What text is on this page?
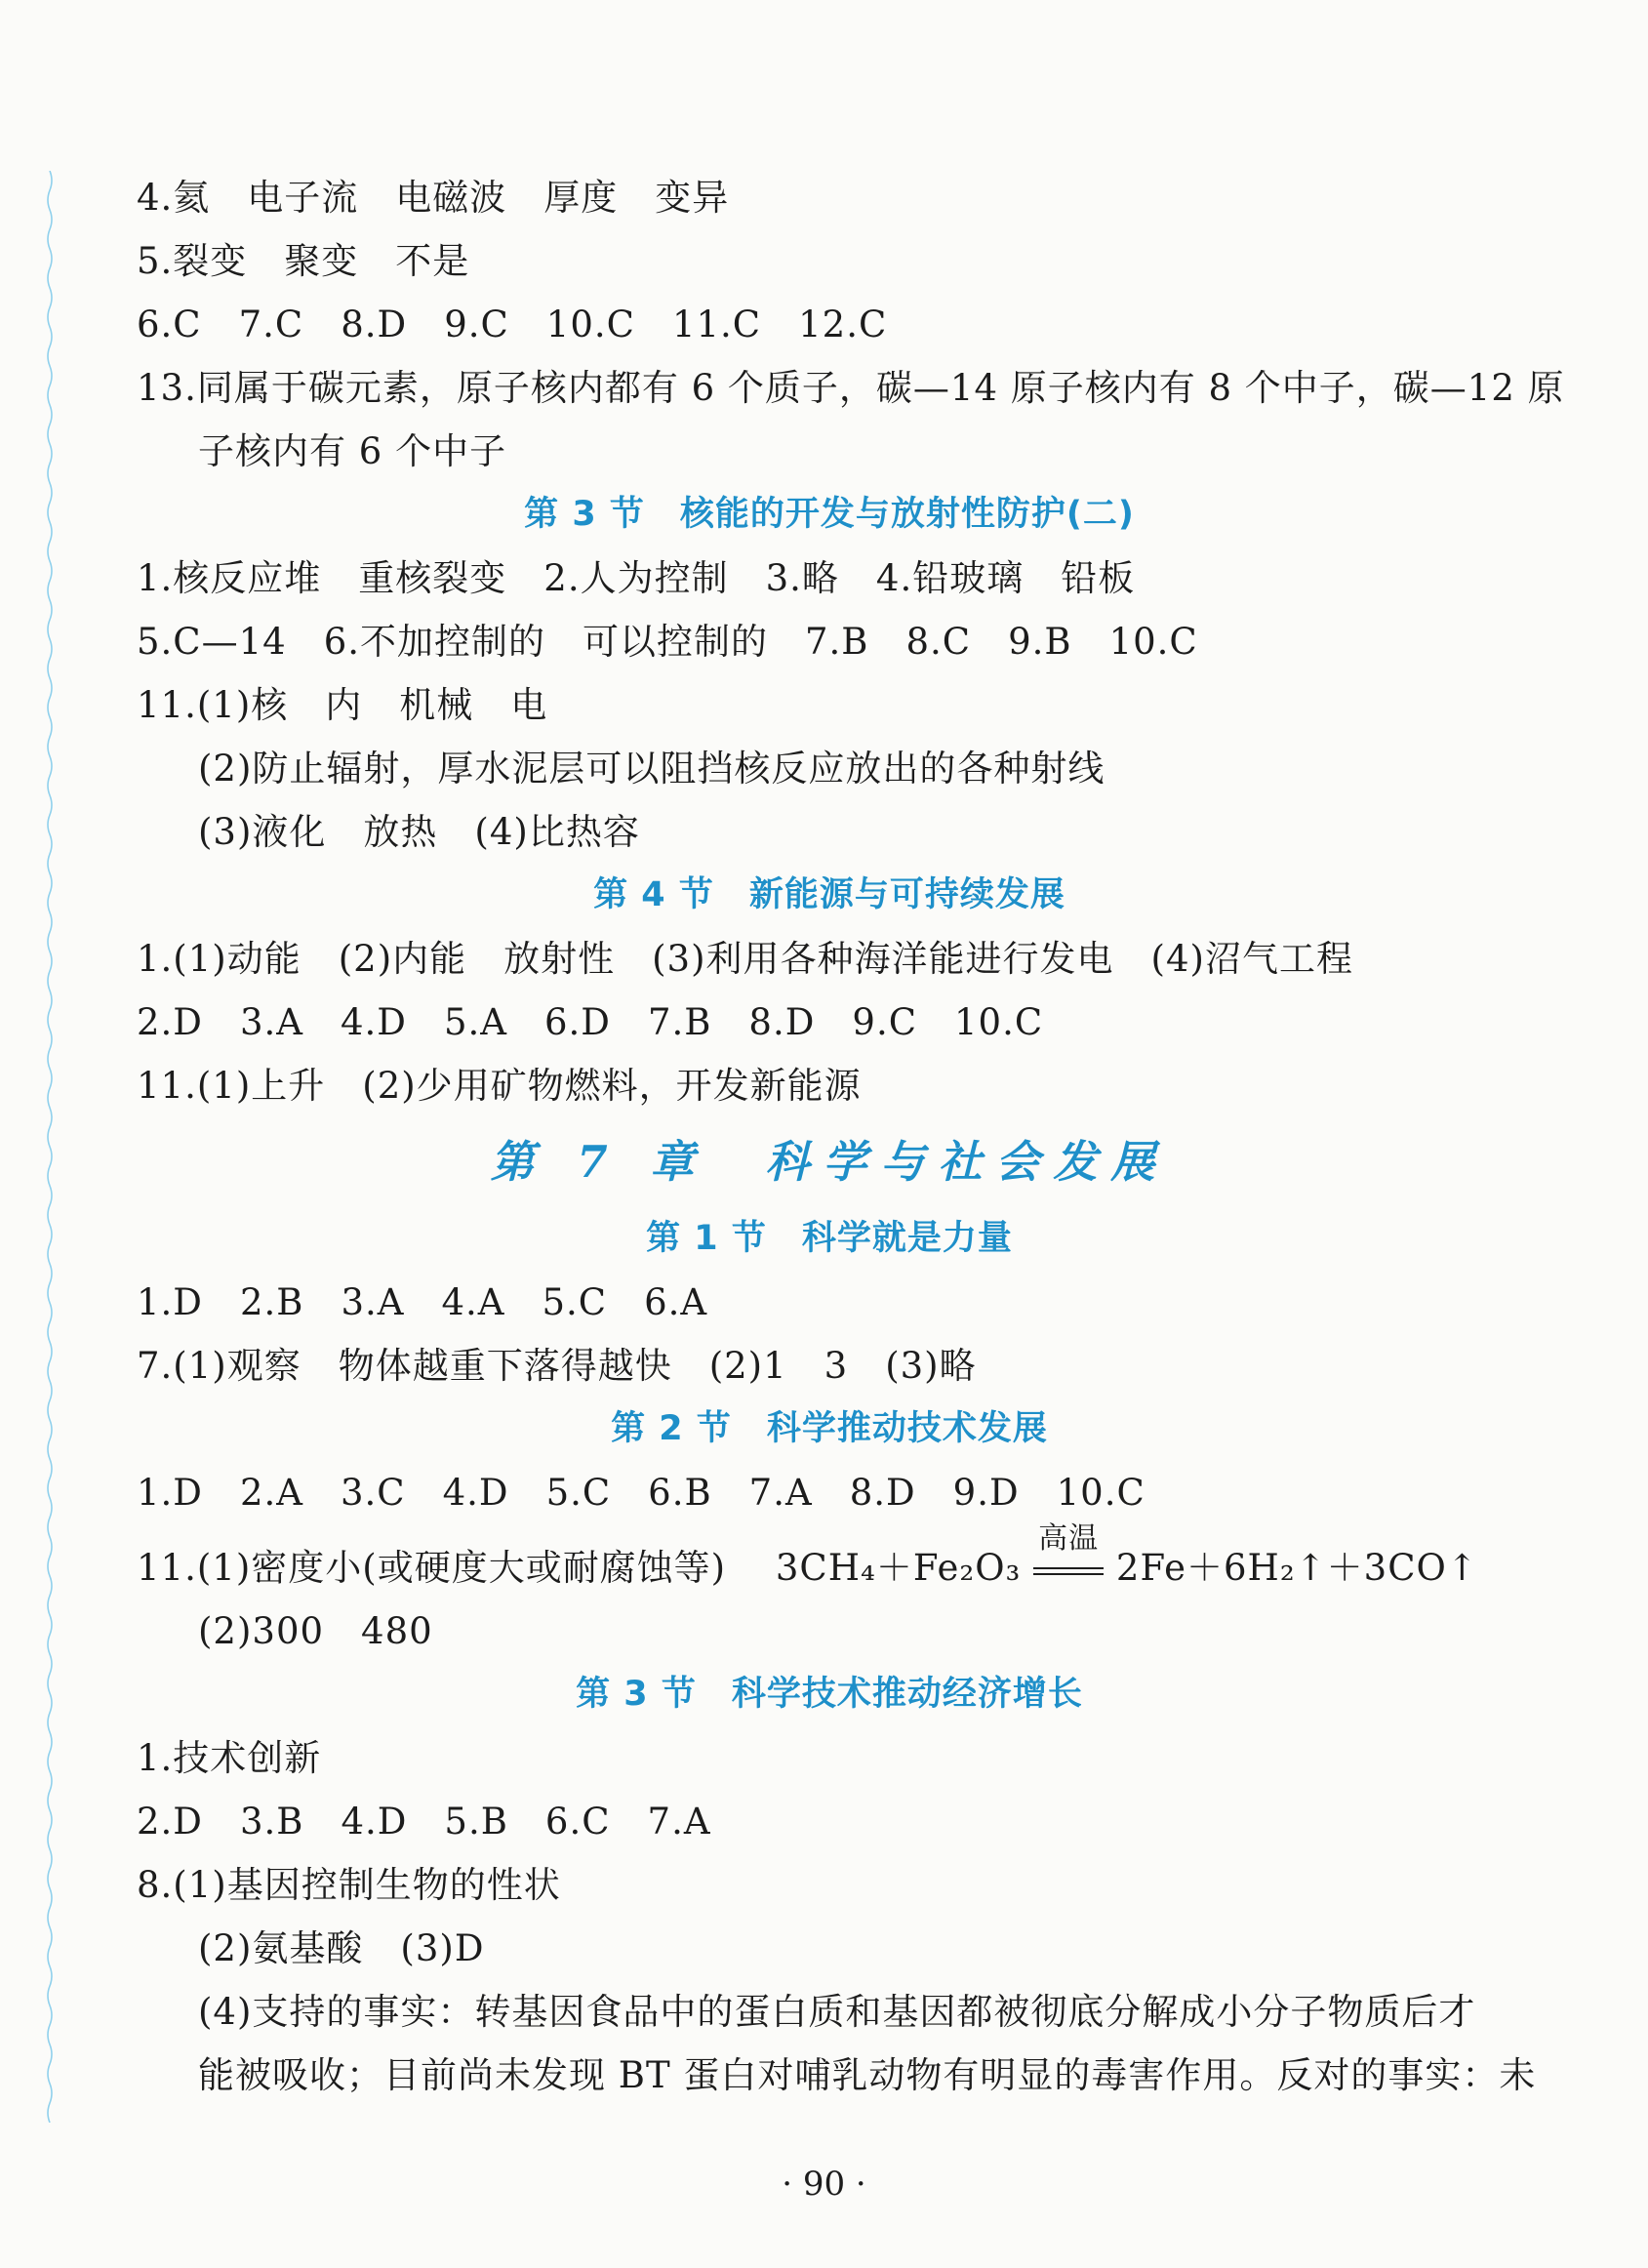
4.氦　电子流　电磁波　厚度　变异
5.裂变　聚变　不是
6.C　7.C　8.D　9.C　10.C　11.C　12.C
13.同属于碳元素，原子核内都有 6 个质子，碳—14 原子核内有 8 个中子，碳—12 原
子核内有 6 个中子
第 3 节　核能的开发与放射性防护(二)
1.核反应堆　重核裂变　2.人为控制　3.略　4.铅玻璃　铅板
5.C—14　6.不加控制的　可以控制的　7.B　8.C　9.B　10.C
11.(1)核　内　机械　电
(2)防止辐射，厚水泥层可以阻挡核反应放出的各种射线
(3)液化　放热　(4)比热容
第 4 节　新能源与可持续发展
1.(1)动能　(2)内能　放射性　(3)利用各种海洋能进行发电　(4)沼气工程
2.D　3.A　4.D　5.A　6.D　7.B　8.D　9.C　10.C
11.(1)上升　(2)少用矿物燃料，开发新能源
第 7 章　科学与社会发展
第 1 节　科学就是力量
1.D　2.B　3.A　4.A　5.C　6.A
7.(1)观察　物体越重下落得越快　(2)1　3　(3)略
第 2 节　科学推动技术发展
1.D　2.A　3.C　4.D　5.C　6.B　7.A　8.D　9.D　10.C
11.(1)密度小(或硬度大或耐腐蚀等)　 3CH₄＋Fe₂O₃
高温
2Fe＋6H₂↑＋3CO↑
(2)300　480
第 3 节　科学技术推动经济增长
1.技术创新
2.D　3.B　4.D　5.B　6.C　7.A
8.(1)基因控制生物的性状
(2)氨基酸　(3)D
(4)支持的事实：转基因食品中的蛋白质和基因都被彻底分解成小分子物质后才
能被吸收；目前尚未发现 BT 蛋白对哺乳动物有明显的毒害作用。反对的事实：未
· 90 ·
